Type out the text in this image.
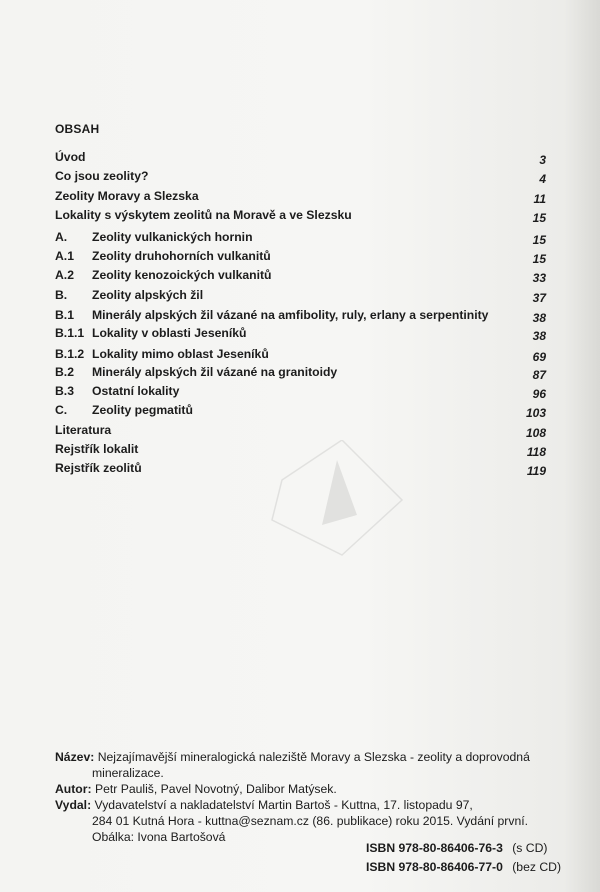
OBSAH
Úvod	3
Co jsou zeolity?	4
Zeolity Moravy a Slezska	11
Lokality s výskytem zeolitů na Moravě a ve Slezsku	15
A. Zeolity vulkanických hornin	15
A.1 Zeolity druhohorních vulkanitů	15
A.2 Zeolity kenozoických vulkanitů	33
B. Zeolity alpských žil	37
B.1 Minerály alpských žil vázané na amfibolity, ruly, erlany a serpentinity	38
B.1.1 Lokality v oblasti Jeseníků	38
B.1.2 Lokality mimo oblast Jeseníků	69
B.2 Minerály alpských žil vázané na granitoidy	87
B.3 Ostatní lokality	96
C. Zeolity pegmatitů	103
Literatura	108
Rejstřík lokalit	118
Rejstřík zeolitů	119
Název: Nejzajímavější mineralogická naleziště Moravy a Slezska - zeolity a doprovodná
mineralizace.
Autor: Petr Pauliš, Pavel Novotný, Dalibor Matýsek.
Vydal: Vydavatelství a nakladatelství Martin Bartoš - Kuttna, 17. listopadu 97,
284 01 Kutná Hora - kuttna@seznam.cz (86. publikace) roku 2015. Vydání první.
Obálka: Ivona Bartošová
ISBN 978-80-86406-76-3 (s CD)
ISBN 978-80-86406-77-0 (bez CD)
